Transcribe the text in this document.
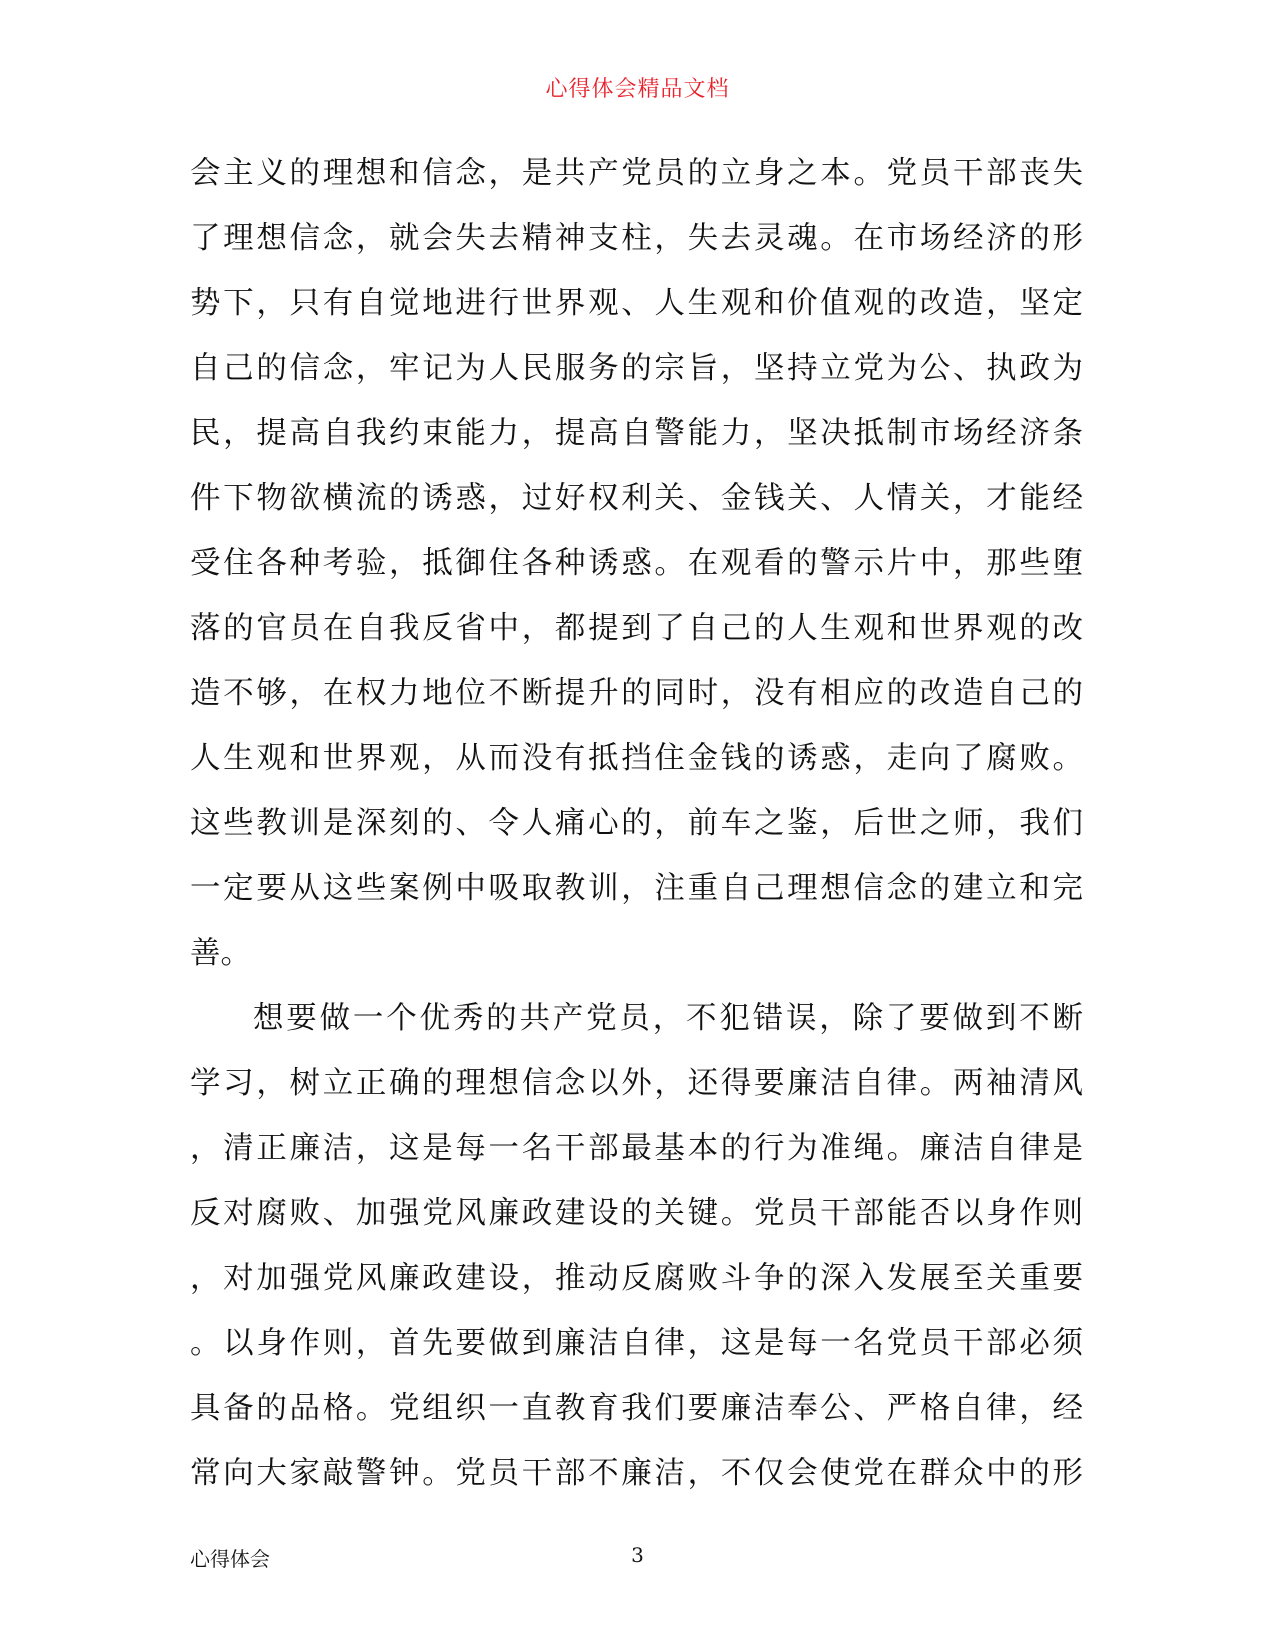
心得体会精品文档
会主义的理想和信念，是共产党员的立身之本。党员干部丧失
了理想信念，就会失去精神支柱，失去灵魂。在市场经济的形
势下，只有自觉地进行世界观、人生观和价值观的改造，坚定
自己的信念，牢记为人民服务的宗旨，坚持立党为公、执政为
民，提高自我约束能力，提高自警能力，坚决抵制市场经济条
件下物欲横流的诱惑，过好权利关、金钱关、人情关，才能经
受住各种考验，抵御住各种诱惑。在观看的警示片中，那些堕
落的官员在自我反省中，都提到了自己的人生观和世界观的改
造不够，在权力地位不断提升的同时，没有相应的改造自己的
人生观和世界观，从而没有抵挡住金钱的诱惑，走向了腐败。
这些教训是深刻的、令人痛心的，前车之鉴，后世之师，我们
一定要从这些案例中吸取教训，注重自己理想信念的建立和完
善。
想要做一个优秀的共产党员，不犯错误，除了要做到不断
学习，树立正确的理想信念以外，还得要廉洁自律。两袖清风
，清正廉洁，这是每一名干部最基本的行为准绳。廉洁自律是
反对腐败、加强党风廉政建设的关键。党员干部能否以身作则
，对加强党风廉政建设，推动反腐败斗争的深入发展至关重要
。以身作则，首先要做到廉洁自律，这是每一名党员干部必须
具备的品格。党组织一直教育我们要廉洁奉公、严格自律，经
常向大家敲警钟。党员干部不廉洁，不仅会使党在群众中的形
心得体会	3
